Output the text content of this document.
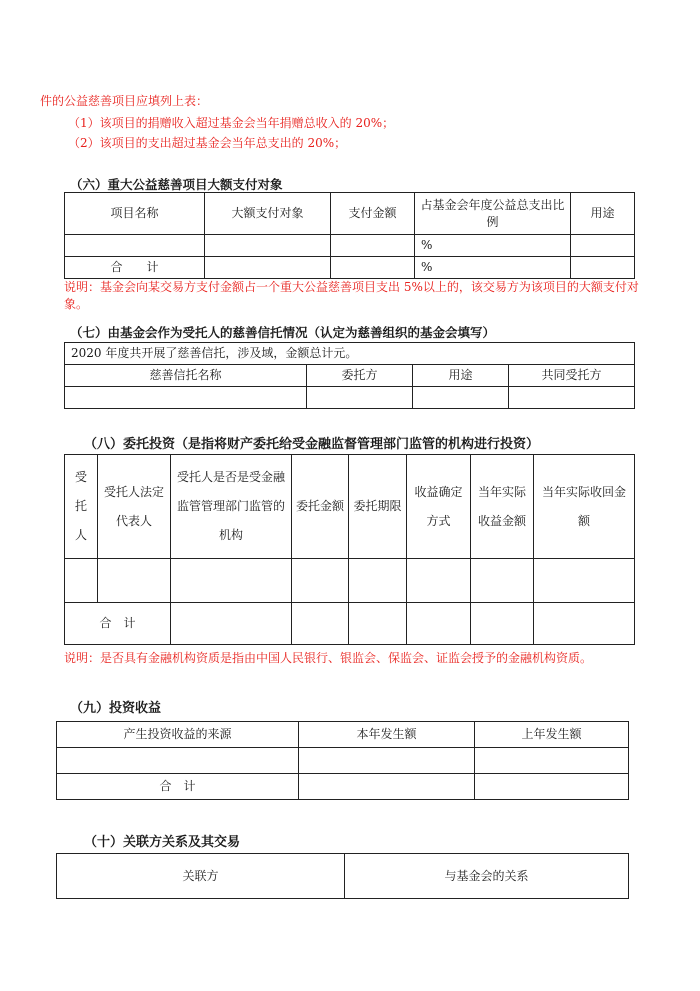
件的公益慈善项目应填列上表：
（1）该项目的捐赠收入超过基金会当年捐赠总收入的 20%；
（2）该项目的支出超过基金会当年总支出的 20%；
（六）重大公益慈善项目大额支付对象
项目名称	大额支付对象	支付金额	占基金会年度公益总支出比例	用途
			%	
合　　计			%	
说明：基金会向某交易方支付金额占一个重大公益慈善项目支出 5%以上的，该交易方为该项目的大额支付对象。
（七）由基金会作为受托人的慈善信托情况（认定为慈善组织的基金会填写）
2020 年度共开展了慈善信托，涉及域，金额总计元。			
慈善信托名称	委托方	用途	共同受托方

（八）委托投资（是指将财产委托给受金融监督管理部门监管的机构进行投资）
受托人	受托人法定代表人	受托人是否是受金融监管管理部门监管的机构	委托金额	委托期限	收益确定方式	当年实际收益金额	当年实际收回金额

合　计							
说明：是否具有金融机构资质是指由中国人民银行、银监会、保监会、证监会授予的金融机构资质。
（九）投资收益
产生投资收益的来源	本年发生额	上年发生额

合　计		
（十）关联方关系及其交易
关联方	与基金会的关系
